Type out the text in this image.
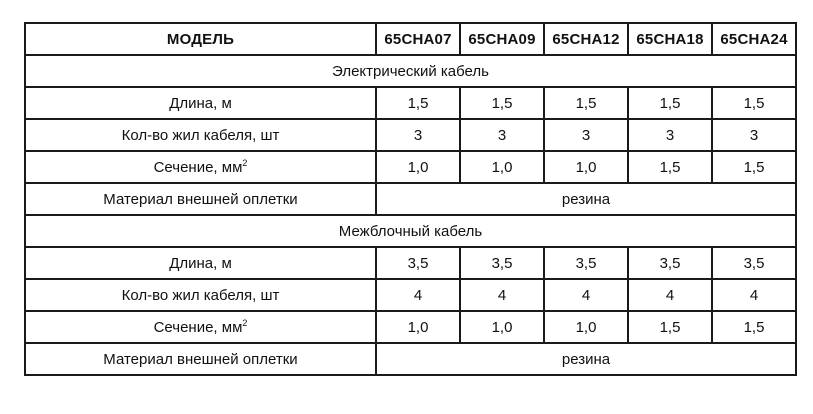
МОДЕЛЬ	65CHA07	65CHA09	65CHA12	65CHA18	65CHA24
Электрический кабель					
Длина, м	1,5	1,5	1,5	1,5	1,5
Кол-во жил кабеля, шт	3	3	3	3	3
Сечение, $мм^2$	1,0	1,0	1,0	1,5	1,5
Материал внешней оплетки	резина				
Межблочный кабель					
Длина, м	3,5	3,5	3,5	3,5	3,5
Кол-во жил кабеля, шт	4	4	4	4	4
Сечение, $мм^2$	1,0	1,0	1,0	1,5	1,5
Материал внешней оплетки	резина				
